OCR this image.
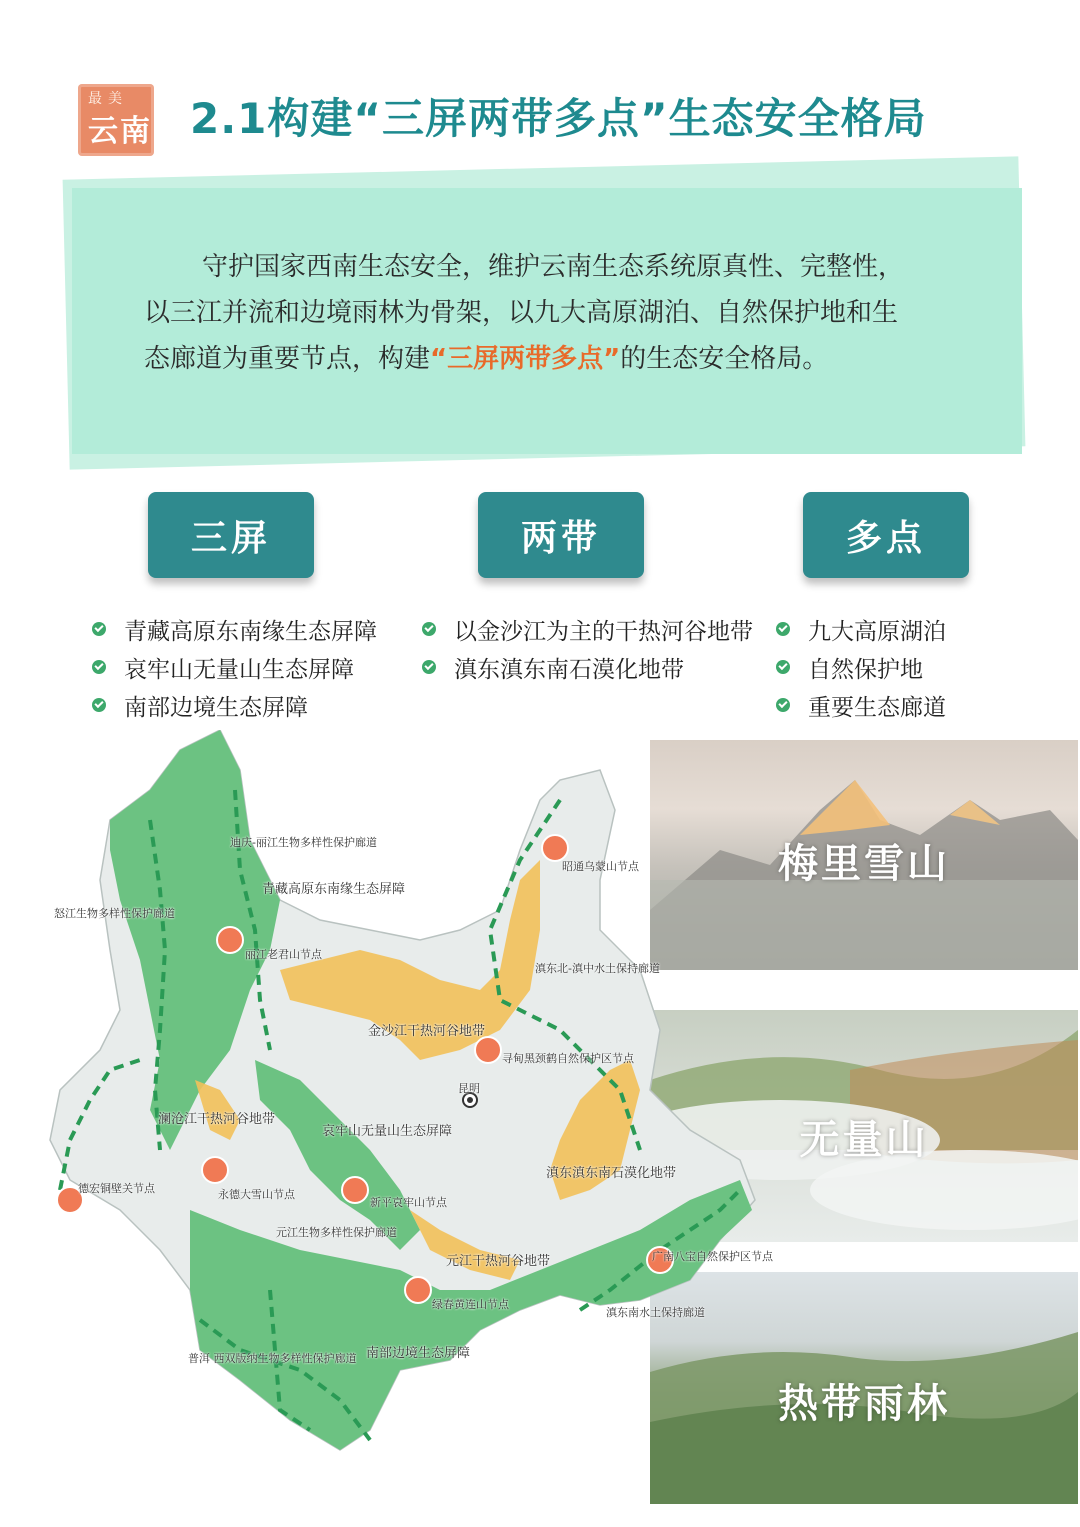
最美
云南 2.1构建“三屏两带多点”生态安全格局
守护国家西南生态安全，维护云南生态系统原真性、完整性，
以三江并流和边境雨林为骨架，以九大高原湖泊、自然保护地和生
态廊道为重要节点，构建“三屏两带多点”的生态安全格局。
三屏	两带	多点
青藏高原东南缘生态屏障
哀牢山无量山生态屏障
南部边境生态屏障
以金沙江为主的干热河谷地带
滇东滇东南石漠化地带
九大高原湖泊
自然保护地
重要生态廊道
梅里雪山
无量山
热带雨林
迪庆-丽江生物多样性保护廊道
青藏高原东南缘生态屏障
怒江生物多样性保护廊道
丽江老君山节点
昭通乌蒙山节点
滇东北-滇中水土保持廊道
金沙江干热河谷地带
寻甸黑颈鹤自然保护区节点
昆明
澜沧江干热河谷地带
哀牢山无量山生态屏障
德宏铜壁关节点	永德大雪山节点
新平哀牢山节点
滇东滇东南石漠化地带
元江生物多样性保护廊道
元江干热河谷地带	广南八宝自然保护区节点
绿春黄连山节点
滇东南水土保持廊道
普洱 西双版纳生物多样性保护廊道 南部边境生态屏障
